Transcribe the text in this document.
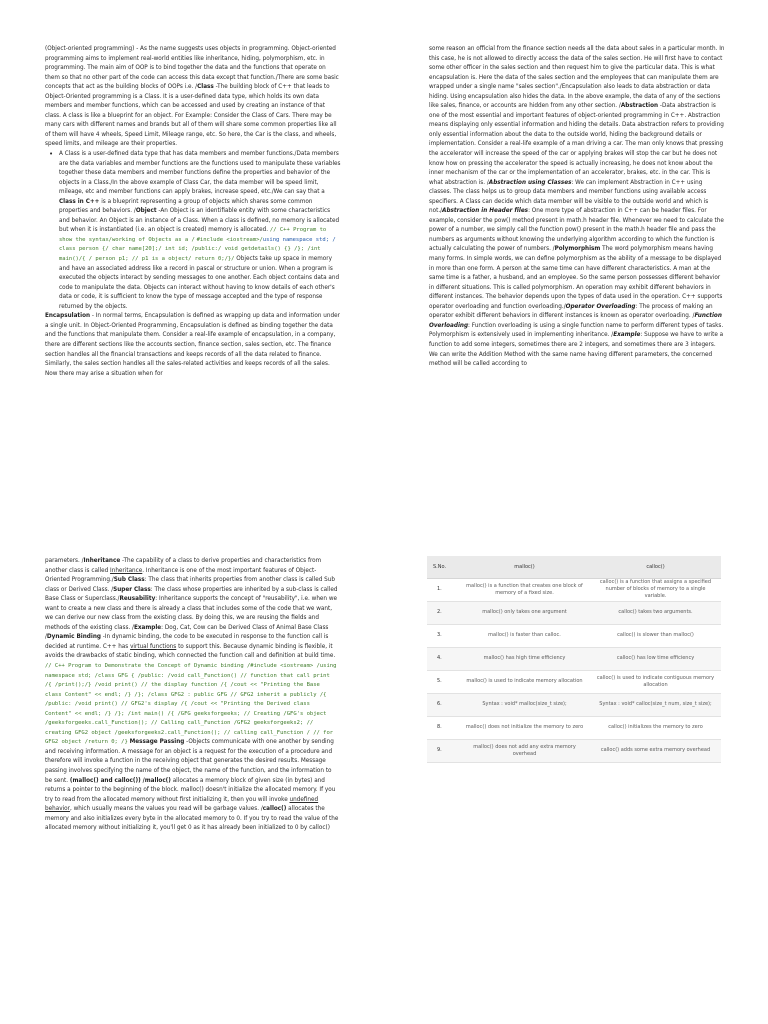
(Object-oriented programming) - As the name suggests uses objects in programming. Object-oriented programming aims to implement real-world entities like inheritance, hiding, polymorphism, etc. in programming. The main aim of OOP is to bind together the data and the functions that operate on them so that no other part of the code can access this data except that function./There are some basic concepts that act as the building blocks of OOPs i.e. /Class -The building block of C++ that leads to Object-Oriented programming is a Class. It is a user-defined data type, which holds its own data members and member functions, which can be accessed and used by creating an instance of that class. A class is like a blueprint for an object. For Example: Consider the Class of Cars. There may be many cars with different names and brands but all of them will share some common properties like all of them will have 4 wheels, Speed Limit, Mileage range, etc. So here, the Car is the class, and wheels, speed limits, and mileage are their properties.

• A Class is a user-defined data type that has data members and member functions./Data members are the data variables and member functions are the functions used to manipulate these variables together these data members and member functions define the properties and behavior of the objects in a Class./In the above example of Class Car, the data member will be speed limit, mileage, etc and member functions can apply brakes, increase speed, etc./We can say that a Class in C++ is a blueprint representing a group of objects which shares some common properties and behaviors. /Object -An Object is an identifiable entity with some characteristics and behavior. An Object is an instance of a Class. When a class is defined, no memory is allocated but when it is instantiated (i.e. an object is created) memory is allocated. // C++ Program to show the syntax/working of Objects as a / #include <iostream>/using namespace std; / class person {/ char name[20];/ int id; /public:/ void getdetails() {} /}; /int main()/{ / person p1; // p1 is a object/ return 0;/}/ Objects take up space in memory and have an associated address like a record in pascal or structure or union. When a program is executed the objects interact by sending messages to one another. Each object contains data and code to manipulate the data. Objects can interact without having to know details of each other's data or code, it is sufficient to know the type of message accepted and the type of response returned by the objects.

Encapsulation - In normal terms, Encapsulation is defined as wrapping up data and information under a single unit. In Object-Oriented Programming, Encapsulation is defined as binding together the data and the functions that manipulate them. Consider a real-life example of encapsulation, in a company, there are different sections like the accounts section, finance section, sales section, etc. The finance section handles all the financial transactions and keeps records of all the data related to finance. Similarly, the sales section handles all the sales-related activities and keeps records of all the sales. Now there may arise a situation when for

some reason an official from the finance section needs all the data about sales in a particular month. In this case, he is not allowed to directly access the data of the sales section. He will first have to contact some other officer in the sales section and then request him to give the particular data. This is what encapsulation is. Here the data of the sales section and the employees that can manipulate them are wrapped under a single name "sales section"./Encapsulation also leads to data abstraction or data hiding. Using encapsulation also hides the data. In the above example, the data of any of the sections like sales, finance, or accounts are hidden from any other section. /Abstraction -Data abstraction is one of the most essential and important features of object-oriented programming in C++. Abstraction means displaying only essential information and hiding the details. Data abstraction refers to providing only essential information about the data to the outside world, hiding the background details or implementation. Consider a real-life example of a man driving a car. The man only knows that pressing the accelerator will increase the speed of the car or applying brakes will stop the car but he does not know how on pressing the accelerator the speed is actually increasing, he does not know about the inner mechanism of the car or the implementation of an accelerator, brakes, etc. in the car. This is what abstraction is. /Abstraction using Classes: We can implement Abstraction in C++ using classes. The class helps us to group data members and member functions using available access specifiers. A Class can decide which data member will be visible to the outside world and which is not./Abstraction in Header files: One more type of abstraction in C++ can be header files. For example, consider the pow() method present in math.h header file. Whenever we need to calculate the power of a number, we simply call the function pow() present in the math.h header file and pass the numbers as arguments without knowing the underlying algorithm according to which the function is actually calculating the power of numbers. /Polymorphism The word polymorphism means having many forms. In simple words, we can define polymorphism as the ability of a message to be displayed in more than one form. A person at the same time can have different characteristics. A man at the same time is a father, a husband, and an employee. So the same person possesses different behavior in different situations. This is called polymorphism. An operation may exhibit different behaviors in different instances. The behavior depends upon the types of data used in the operation. C++ supports operator overloading and function overloading./Operator Overloading: The process of making an operator exhibit different behaviors in different instances is known as operator overloading. /Function Overloading: Function overloading is using a single function name to perform different types of tasks. Polymorphism is extensively used in implementing inheritance. /Example: Suppose we have to write a function to add some integers, sometimes there are 2 integers, and sometimes there are 3 integers. We can write the Addition Method with the same name having different parameters, the concerned method will be called according to

parameters. /Inheritance -The capability of a class to derive properties and characteristics from another class is called Inheritance. Inheritance is one of the most important features of Object-Oriented Programming./Sub Class: The class that inherits properties from another class is called Sub class or Derived Class. /Super Class: The class whose properties are inherited by a sub-class is called Base Class or Superclass./Reusability: Inheritance supports the concept of "reusability", i.e. when we want to create a new class and there is already a class that includes some of the code that we want, we can derive our new class from the existing class. By doing this, we are reusing the fields and methods of the existing class. /Example: Dog, Cat, Cow can be Derived Class of Animal Base Class /Dynamic Binding -In dynamic binding, the code to be executed in response to the function call is decided at runtime. C++ has virtual functions to support this. Because dynamic binding is flexible, it avoids the drawbacks of static binding, which connected the function call and definition at build time. // C++ Program to Demonstrate the Concept of Dynamic binding /#include <iostream> /using namespace std; /class GFG { /public: /void call_Function() // function that call print /{ /print();/} /void print() // the display function /{ /cout << "Printing the Base class Content" << endl; /} /}; /class GFG2 : public GFG // GFG2 inherit a publicly /{ /public: /void print() // GFG2's display /{ /cout << "Printing the Derived class Content" << endl; /} /}; /int main() /{ /GFG geeksforgeeks; // Creating /GFG's object /geeksforgeeks.call_Function(); // Calling call_Function /GFG2 geeksforgeeks2; // creating GFG2 object /geeksforgeeks2.call_Function(); // calling call_Function / // for GFG2 object /return 0; /} Message Passing -Objects communicate with one another by sending and receiving information. A message for an object is a request for the execution of a procedure and therefore will invoke a function in the receiving object that generates the desired results. Message passing involves specifying the name of the object, the name of the function, and the information to be sent. (malloc() and calloc()) /malloc() allocates a memory block of given size (in bytes) and returns a pointer to the beginning of the block. malloc() doesn't initialize the allocated memory. If you try to read from the allocated memory without first initializing it, then you will invoke undefined behavior, which usually means the values you read will be garbage values. /calloc() allocates the memory and also initializes every byte in the allocated memory to 0. If you try to read the value of the allocated memory without initializing it, you'll get 0 as it has already been initialized to 0 by calloc()

S.No.	malloc()	calloc()
1.	malloc() is a function that creates one block of memory of a fixed size.	calloc() is a function that assigns a specified number of blocks of memory to a single variable.
2.	malloc() only takes one argument	calloc() takes two arguments.
3.	malloc() is faster than calloc.	calloc() is slower than malloc()
4.	malloc() has high time efficiency	calloc() has low time efficiency
5.	malloc() is used to indicate memory allocation	calloc() is used to indicate contiguous memory allocation
6.	Syntax : void* malloc(size_t size);	Syntax : void* calloc(size_t num, size_t size);
8.	malloc() does not initialize the memory to zero	calloc() initializes the memory to zero
9.	malloc() does not add any extra memory overhead	calloc() adds some extra memory overhead
